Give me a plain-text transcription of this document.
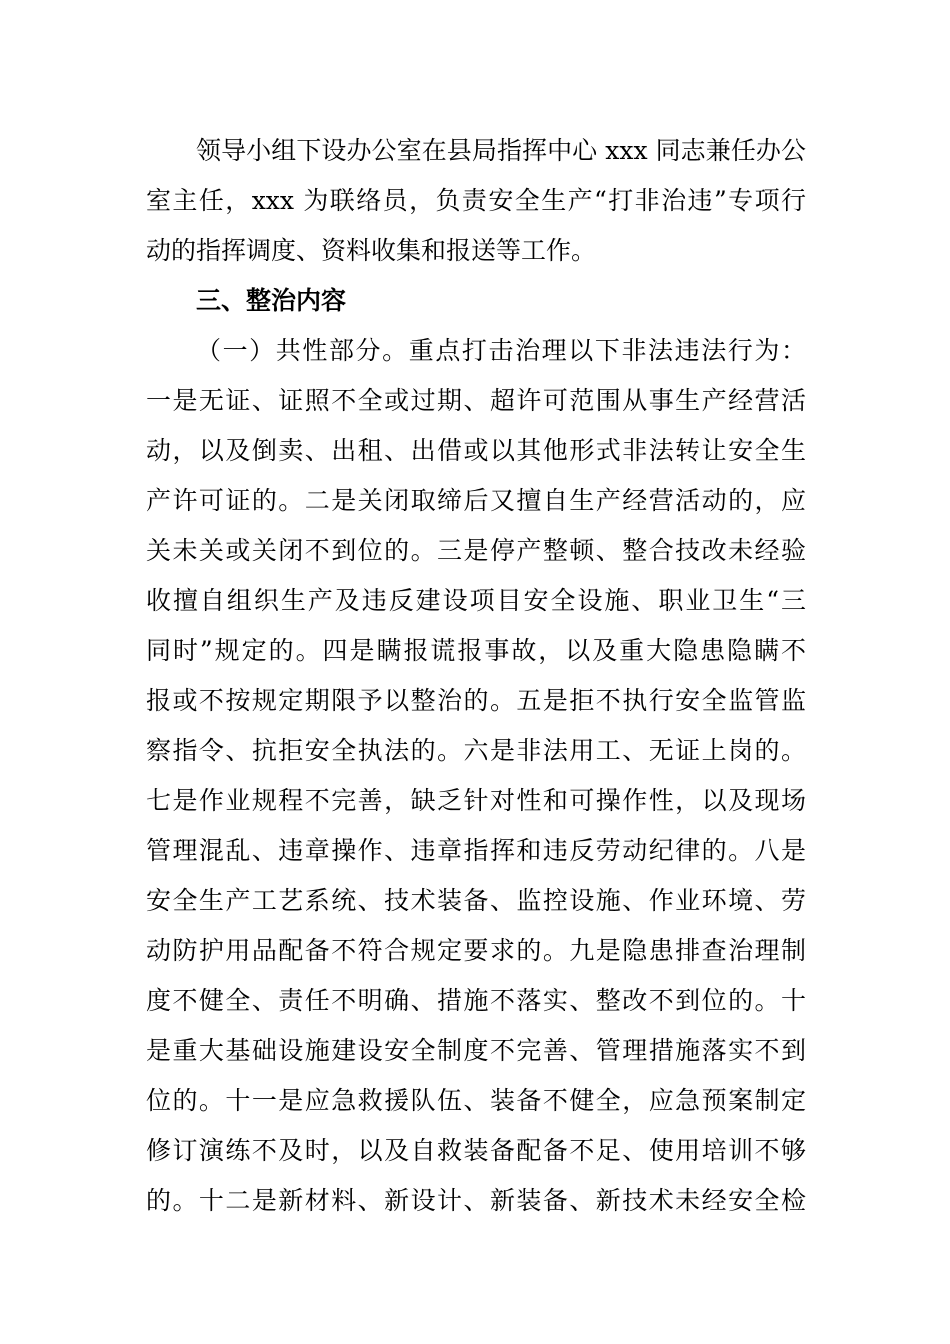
领导小组下设办公室在县局指挥中心 xxx 同志兼任办公
室主任，xxx 为联络员，负责安全生产“打非治违”专项行
动的指挥调度、资料收集和报送等工作。
三、整治内容
（一）共性部分。重点打击治理以下非法违法行为：
一是无证、证照不全或过期、超许可范围从事生产经营活
动，以及倒卖、出租、出借或以其他形式非法转让安全生
产许可证的。二是关闭取缔后又擅自生产经营活动的，应
关未关或关闭不到位的。三是停产整顿、整合技改未经验
收擅自组织生产及违反建设项目安全设施、职业卫生“三
同时”规定的。四是瞒报谎报事故，以及重大隐患隐瞒不
报或不按规定期限予以整治的。五是拒不执行安全监管监
察指令、抗拒安全执法的。六是非法用工、无证上岗的。
七是作业规程不完善，缺乏针对性和可操作性，以及现场
管理混乱、违章操作、违章指挥和违反劳动纪律的。八是
安全生产工艺系统、技术装备、监控设施、作业环境、劳
动防护用品配备不符合规定要求的。九是隐患排查治理制
度不健全、责任不明确、措施不落实、整改不到位的。十
是重大基础设施建设安全制度不完善、管理措施落实不到
位的。十一是应急救援队伍、装备不健全，应急预案制定
修订演练不及时，以及自救装备配备不足、使用培训不够
的。十二是新材料、新设计、新装备、新技术未经安全检
